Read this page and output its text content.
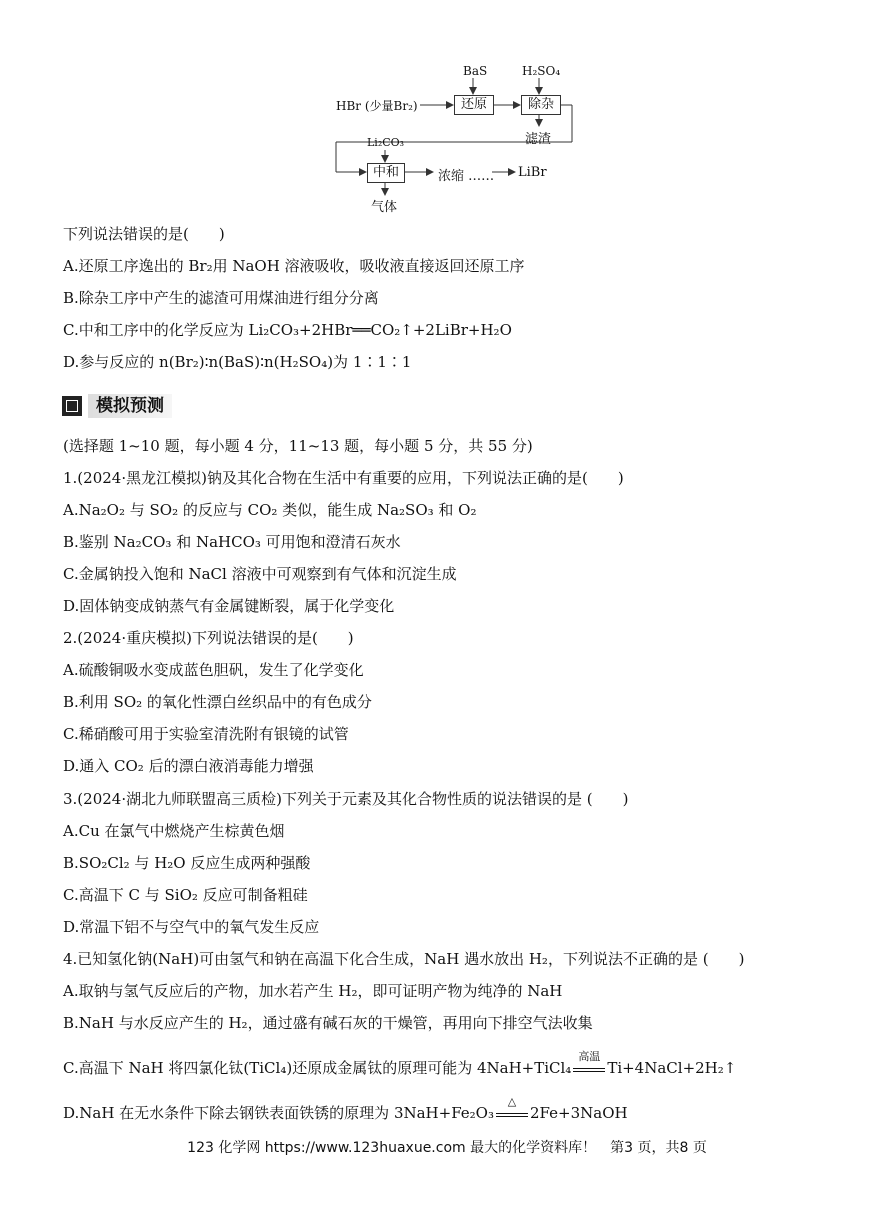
BaS	H₂SO₄
HBr (少量Br₂)	还原	除杂
滤渣
Li₂CO₃
中和	浓缩 …… LiBr
气体
下列说法错误的是(　　)
A.还原工序逸出的 Br₂用 NaOH 溶液吸收，吸收液直接返回还原工序
B.除杂工序中产生的滤渣可用煤油进行组分分离
C.中和工序中的化学反应为 Li₂CO₃+2HBr══CO₂↑+2LiBr+H₂O
D.参与反应的 n(Br₂)∶n(BaS)∶n(H₂SO₄)为 1∶1∶1
模拟预测
(选择题 1~10 题，每小题 4 分，11~13 题，每小题 5 分，共 55 分)
1.(2024·黑龙江模拟)钠及其化合物在生活中有重要的应用，下列说法正确的是(　　)
A.Na₂O₂ 与 SO₂ 的反应与 CO₂ 类似，能生成 Na₂SO₃ 和 O₂
B.鉴别 Na₂CO₃ 和 NaHCO₃ 可用饱和澄清石灰水
C.金属钠投入饱和 NaCl 溶液中可观察到有气体和沉淀生成
D.固体钠变成钠蒸气有金属键断裂，属于化学变化
2.(2024·重庆模拟)下列说法错误的是(　　)
A.硫酸铜吸水变成蓝色胆矾，发生了化学变化
B.利用 SO₂ 的氧化性漂白丝织品中的有色成分
C.稀硝酸可用于实验室清洗附有银镜的试管
D.通入 CO₂ 后的漂白液消毒能力增强
3.(2024·湖北九师联盟高三质检)下列关于元素及其化合物性质的说法错误的是 (　　)
A.Cu 在氯气中燃烧产生棕黄色烟
B.SO₂Cl₂ 与 H₂O 反应生成两种强酸
C.高温下 C 与 SiO₂ 反应可制备粗硅
D.常温下铝不与空气中的氧气发生反应
4.已知氢化钠(NaH)可由氢气和钠在高温下化合生成，NaH 遇水放出 H₂，下列说法不正确的是 (　　)
A.取钠与氢气反应后的产物，加水若产生 H₂，即可证明产物为纯净的 NaH
B.NaH 与水反应产生的 H₂，通过盛有碱石灰的干燥管，再用向下排空气法收集
C.高温下 NaH 将四氯化钛(TiCl₄)还原成金属钛的原理可能为 4NaH+TiCl₄
高温
Ti+4NaCl+2H₂↑
D.NaH 在无水条件下除去钢铁表面铁锈的原理为 3NaH+Fe₂O₃
△
2Fe+3NaOH
123 化学网 https://www.123huaxue.com 最大的化学资料库！　第3 页，共8 页
